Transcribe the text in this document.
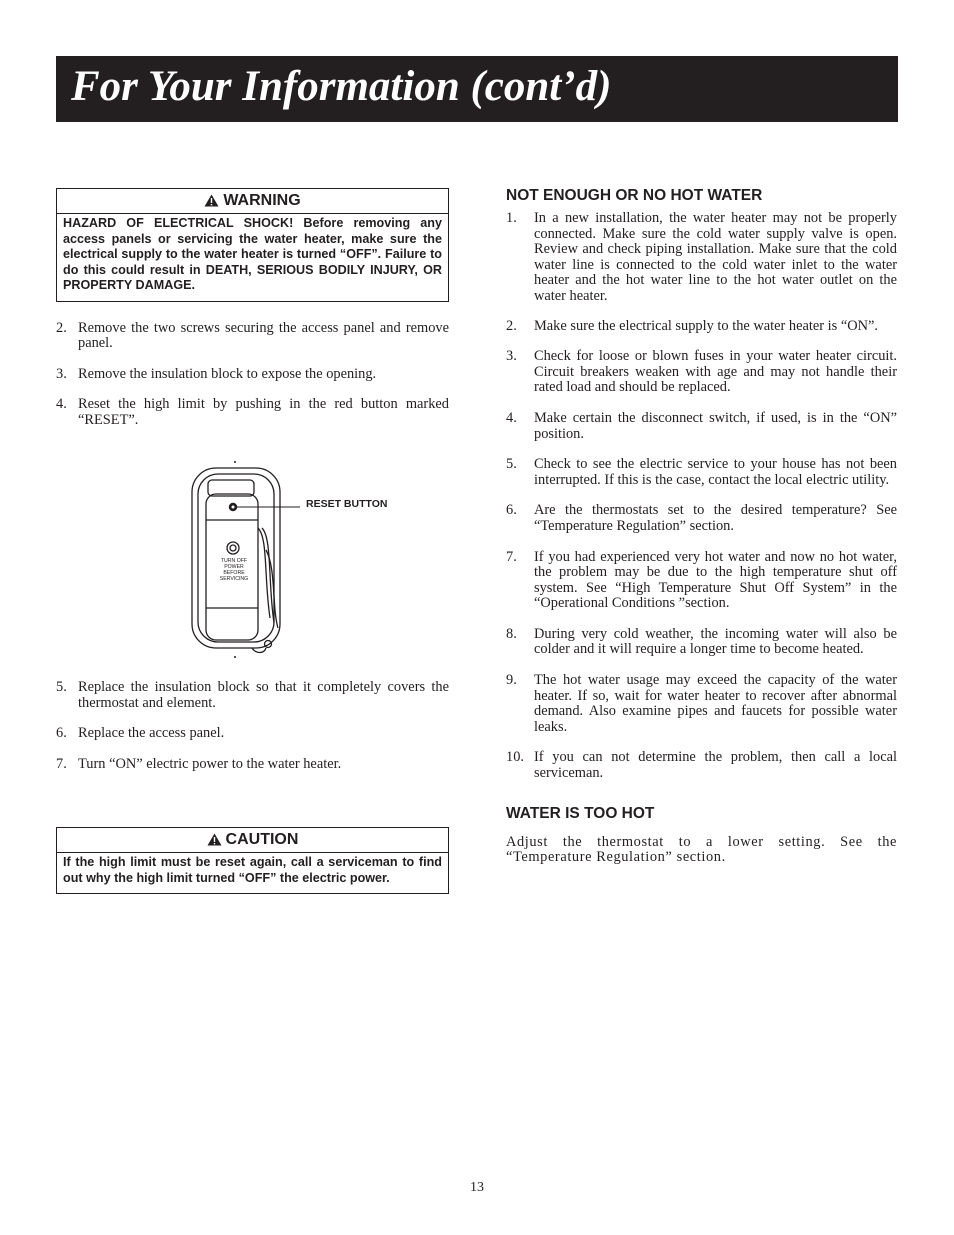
For Your Information (cont’d)
WARNING
HAZARD OF ELECTRICAL SHOCK! Before removing any access panels or servicing the water heater, make sure the electrical supply to the water heater is turned “OFF”. Failure to do this could result in DEATH, SERIOUS BODILY INJURY, OR PROPERTY DAMAGE.
2. Remove the two screws securing the access panel and remove panel.
3. Remove the insulation block to expose the opening.
4. Reset the high limit by pushing in the red button marked “RESET”.
RESET BUTTON
TURN OFF POWER BEFORE SERVICING
5. Replace the insulation block so that it completely covers the thermostat and element.
6. Replace the access panel.
7. Turn “ON” electric power to the water heater.
CAUTION
If the high limit must be reset again, call a serviceman to find out why the high limit turned “OFF” the electric power.
NOT ENOUGH OR NO HOT WATER
1. In a new installation, the water heater may not be properly connected. Make sure the cold water supply valve is open. Review and check piping installation. Make sure that the cold water line is connected to the cold water inlet to the water heater and the hot water line to the hot water outlet on the water heater.
2. Make sure the electrical supply to the water heater is “ON”.
3. Check for loose or blown fuses in your water heater circuit. Circuit breakers weaken with age and may not handle their rated load and should be replaced.
4. Make certain the disconnect switch, if used, is in the “ON” position.
5. Check to see the electric service to your house has not been interrupted. If this is the case, contact the local electric utility.
6. Are the thermostats set to the desired temperature? See “Temperature Regulation” section.
7. If you had experienced very hot water and now no hot water, the problem may be due to the high temperature shut off system. See “High Temperature Shut Off System” in the “Operational Conditions ”section.
8. During very cold weather, the incoming water will also be colder and it will require a longer time to become heated.
9. The hot water usage may exceed the capacity of the water heater. If so, wait for water heater to recover after abnormal demand. Also examine pipes and faucets for possible water leaks.
10. If you can not determine the problem, then call a local serviceman.
WATER IS TOO HOT
Adjust the thermostat to a lower setting. See the “Temperature Regulation” section.
13
